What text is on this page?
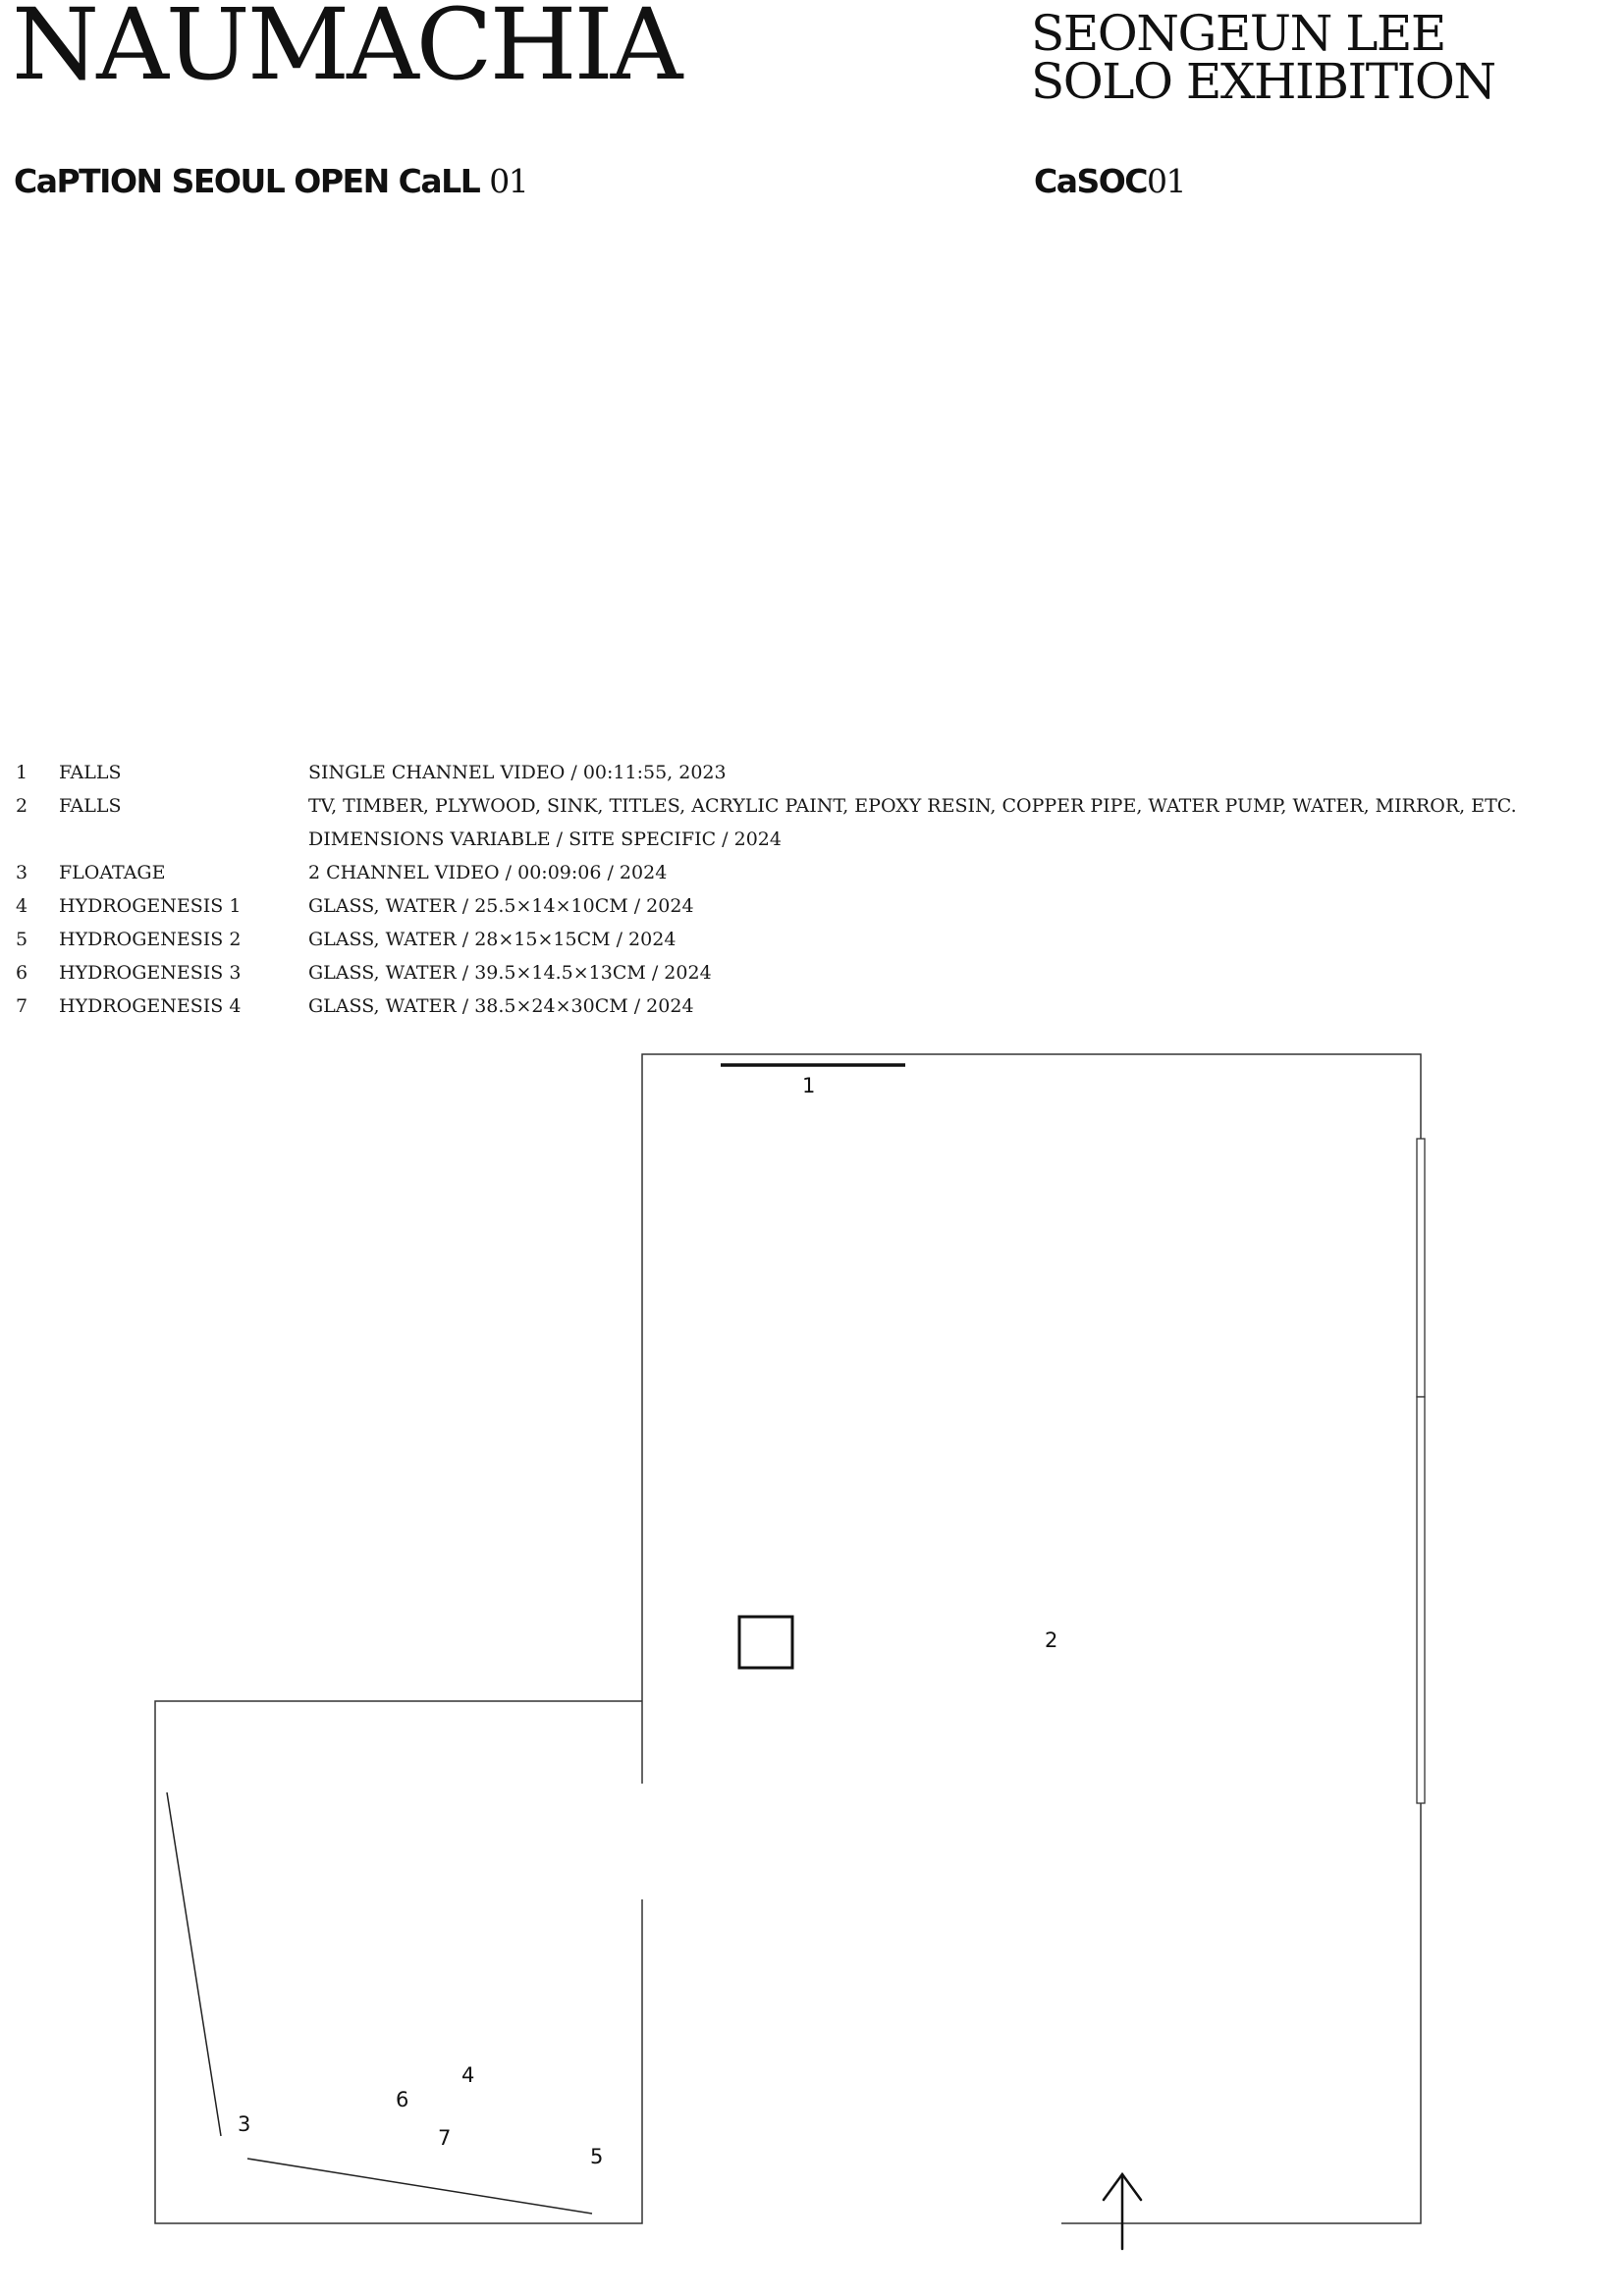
NAUMACHIA	SEONGEUN LEE
SOLO EXHIBITION
CaPTION SEOUL OPEN CaLL 01	CaSOC01
1 FALLS	SINGLE CHANNEL VIDEO / 00:11:55, 2023
2 FALLS	TV, TIMBER, PLYWOOD, SINK, TITLES, ACRYLIC PAINT, EPOXY RESIN, COPPER PIPE, WATER PUMP, WATER, MIRROR, ETC.
DIMENSIONS VARIABLE / SITE SPECIFIC / 2024
3 FLOATAGE	2 CHANNEL VIDEO / 00:09:06 / 2024
4 HYDROGENESIS 1	GLASS, WATER / 25.5×14×10CM / 2024
5 HYDROGENESIS 2	GLASS, WATER / 28×15×15CM / 2024
6 HYDROGENESIS 3	GLASS, WATER / 39.5×14.5×13CM / 2024
7 HYDROGENESIS 4	GLASS, WATER / 38.5×24×30CM / 2024
1
2
3
4
5
6
7
